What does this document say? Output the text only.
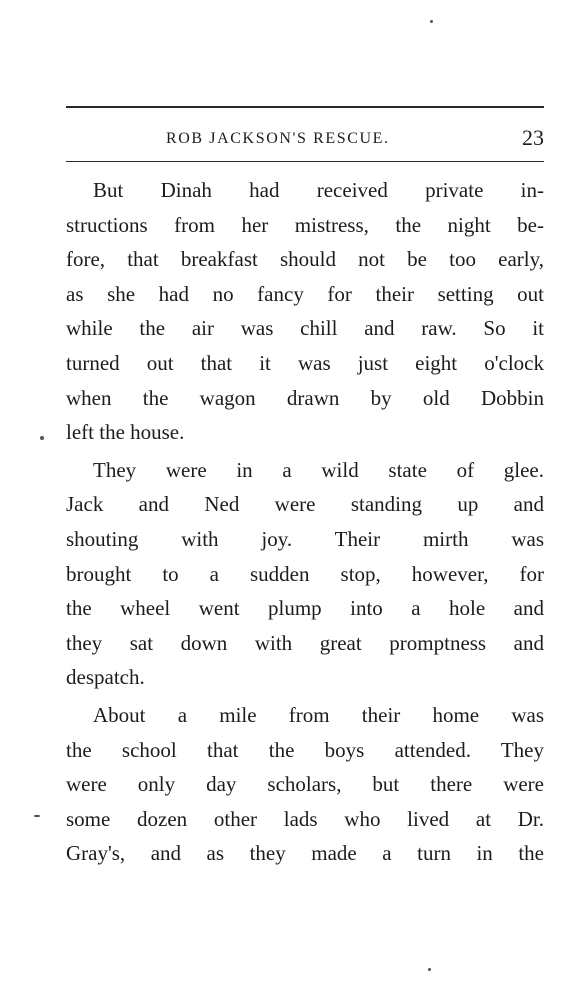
ROB JACKSON'S RESCUE.	23

But Dinah had received private in-
structions from her mistress, the night be-
fore, that breakfast should not be too early,
as she had no fancy for their setting out
while the air was chill and raw. So it
turned out that it was just eight o'clock
when the wagon drawn by old Dobbin
left the house.

They were in a wild state of glee.
Jack and Ned were standing up and
shouting with joy. Their mirth was
brought to a sudden stop, however, for
the wheel went plump into a hole and
they sat down with great promptness and
despatch.

About a mile from their home was
the school that the boys attended. They
were only day scholars, but there were
some dozen other lads who lived at Dr.
Gray's, and as they made a turn in the
